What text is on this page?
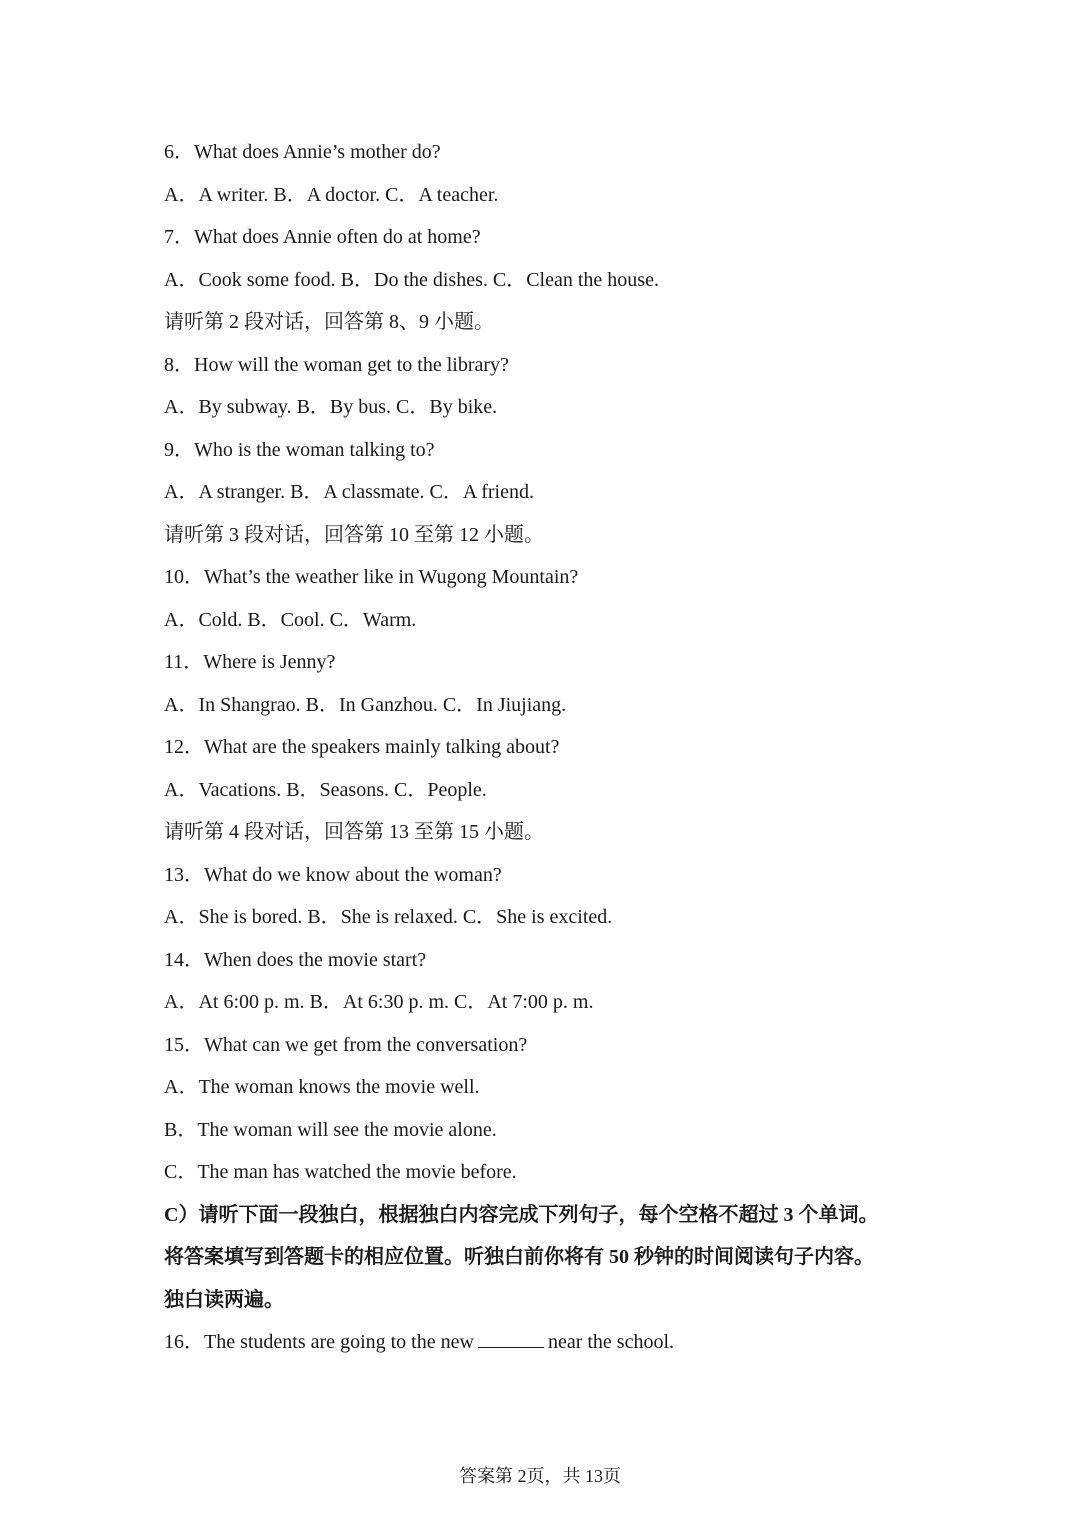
6．What does Annie’s mother do?
A．A writer. B．A doctor. C．A teacher.
7．What does Annie often do at home?
A．Cook some food. B．Do the dishes. C．Clean the house.
请听第 2 段对话，回答第 8、9 小题。
8．How will the woman get to the library?
A．By subway. B．By bus. C．By bike.
9．Who is the woman talking to?
A．A stranger. B．A classmate. C．A friend.
请听第 3 段对话，回答第 10 至第 12 小题。
10．What’s the weather like in Wugong Mountain?
A．Cold. B．Cool. C．Warm.
11．Where is Jenny?
A．In Shangrao. B．In Ganzhou. C．In Jiujiang.
12．What are the speakers mainly talking about?
A．Vacations. B．Seasons. C．People.
请听第 4 段对话，回答第 13 至第 15 小题。
13．What do we know about the woman?
A．She is bored. B．She is relaxed. C．She is excited.
14．When does the movie start?
A．At 6:00 p. m. B．At 6:30 p. m. C．At 7:00 p. m.
15．What can we get from the conversation?
A．The woman knows the movie well.
B．The woman will see the movie alone.
C．The man has watched the movie before.
C）请听下面一段独白，根据独白内容完成下列句子，每个空格不超过 3 个单词。
将答案填写到答题卡的相应位置。听独白前你将有 50 秒钟的时间阅读句子内容。
独白读两遍。
16．The students are going to the new	near the school.
答案第 2页，共 13页
